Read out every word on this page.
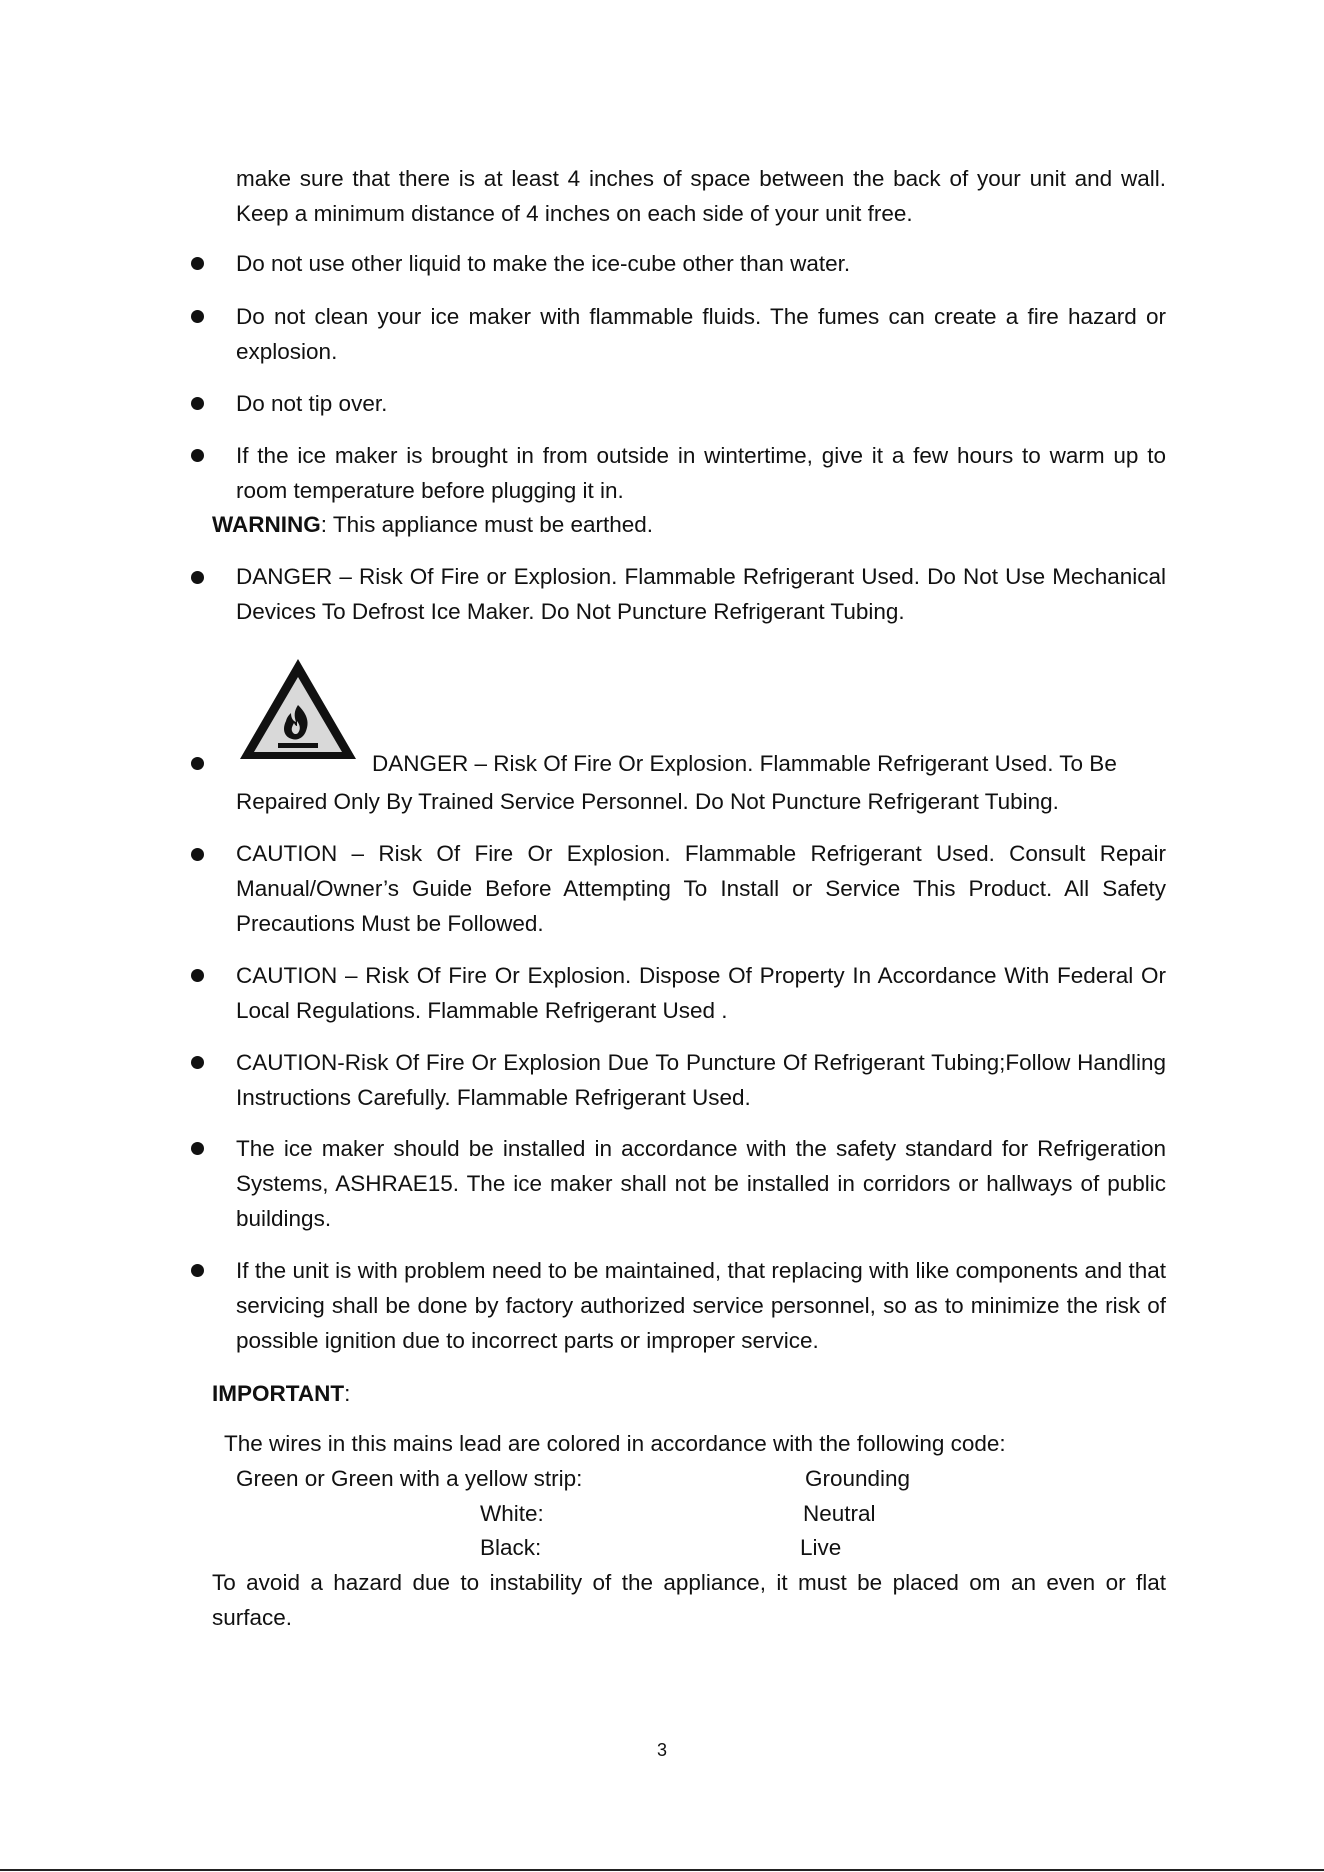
make sure that there is at least 4 inches of space between the back of your unit and wall. Keep a minimum distance of 4 inches on each side of your unit free.
Do not use other liquid to make the ice-cube other than water.
Do not clean your ice maker with flammable fluids. The fumes can create a fire hazard or explosion.
Do not tip over.
If the ice maker is brought in from outside in wintertime, give it a few hours to warm up to room temperature before plugging it in.
WARNING: This appliance must be earthed.
DANGER – Risk Of Fire or Explosion. Flammable Refrigerant Used. Do Not Use Mechanical Devices To Defrost Ice Maker. Do Not Puncture Refrigerant Tubing.
DANGER – Risk Of Fire Or Explosion. Flammable Refrigerant Used. To Be
Repaired Only By Trained Service Personnel. Do Not Puncture Refrigerant Tubing.
CAUTION – Risk Of Fire Or Explosion. Flammable Refrigerant Used. Consult Repair Manual/Owner’s Guide Before Attempting To Install or Service This Product. All Safety Precautions Must be Followed.
CAUTION – Risk Of Fire Or Explosion. Dispose Of Property In Accordance With Federal Or Local Regulations. Flammable Refrigerant Used .
CAUTION-Risk Of Fire Or Explosion Due To Puncture Of Refrigerant Tubing;Follow Handling Instructions Carefully. Flammable Refrigerant Used.
The ice maker should be installed in accordance with the safety standard for Refrigeration Systems, ASHRAE15. The ice maker shall not be installed in corridors or hallways of public buildings.
If the unit is with problem need to be maintained, that replacing with like components and that servicing shall be done by factory authorized service personnel, so as to minimize the risk of possible ignition due to incorrect parts or improper service.
IMPORTANT:
The wires in this mains lead are colored in accordance with the following code:
Green or Green with a yellow strip:	Grounding
White:	Neutral
Black:	Live
To avoid a hazard due to instability of the appliance, it must be placed om an even or flat surface.
3
